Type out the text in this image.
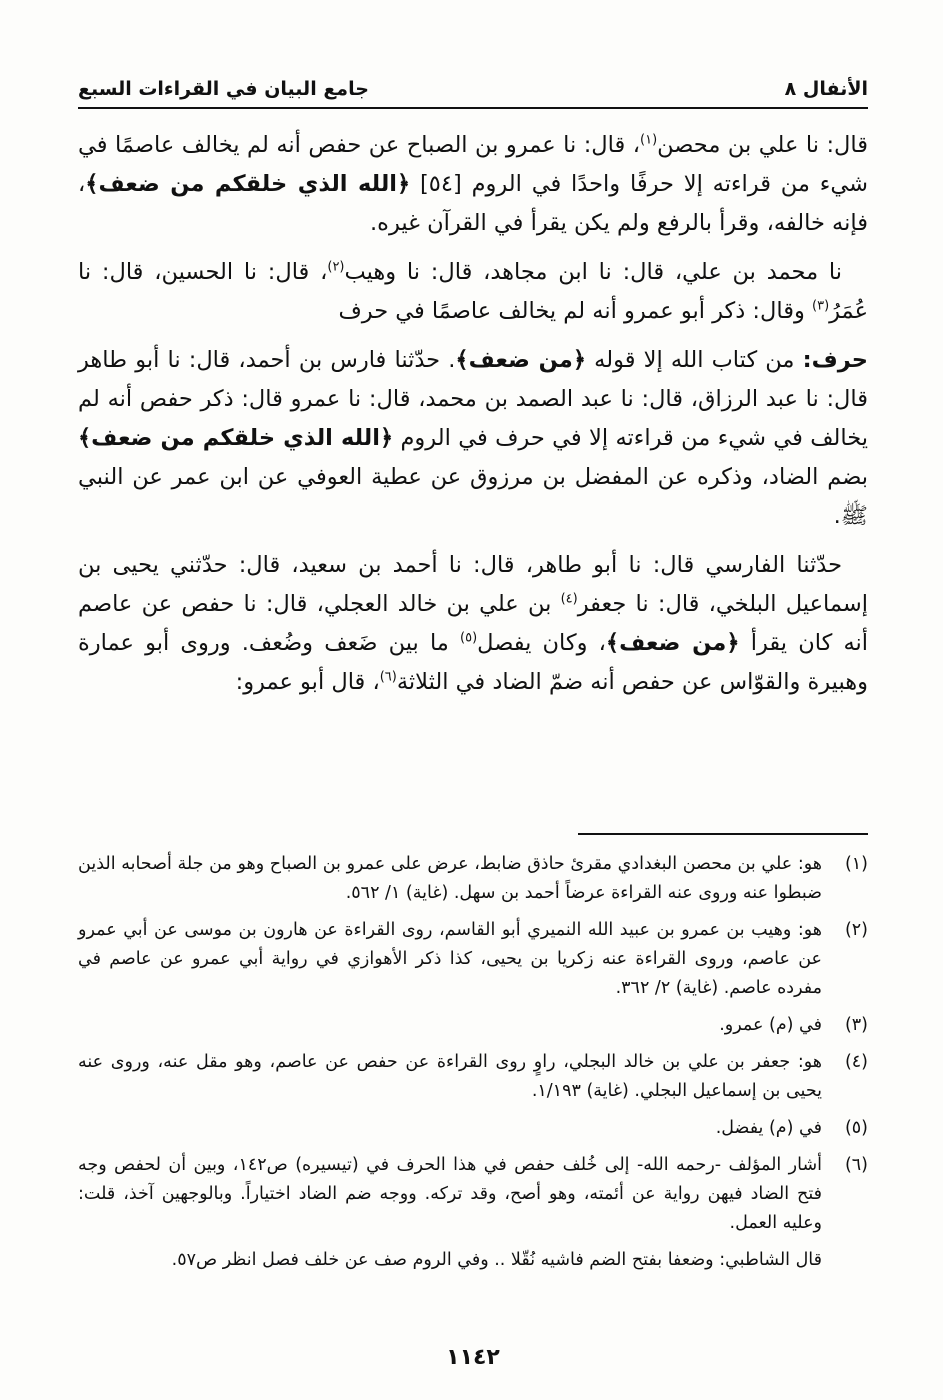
الأنفال ٨
جامع البيان في القراءات السبع

قال: نا علي بن محصن$^{(١)}$، قال: نا عمرو بن الصباح عن حفص أنه لم يخالف عاصمًا في شيء من قراءته إلا حرفًا واحدًا في الروم [٥٤] ﴿الله الذي خلقكم من ضعف﴾، فإنه خالفه، وقرأ بالرفع ولم يكن يقرأ في القرآن غيره.

نا محمد بن علي، قال: نا ابن مجاهد، قال: نا وهيب$^{(٢)}$، قال: نا الحسين، قال: نا عُمَرُ$^{(٣)}$ وقال: ذكر أبو عمرو أنه لم يخالف عاصمًا في حرف

حرف: من كتاب الله إلا قوله ﴿من ضعف﴾. حدّثنا فارس بن أحمد، قال: نا أبو طاهر قال: نا عبد الرزاق، قال: نا عبد الصمد بن محمد، قال: نا عمرو قال: ذكر حفص أنه لم يخالف في شيء من قراءته إلا في حرف في الروم ﴿الله الذي خلقكم من ضعف﴾ بضم الضاد، وذكره عن المفضل بن مرزوق عن عطية العوفي عن ابن عمر عن النبي ﷺ.

حدّثنا الفارسي قال: نا أبو طاهر، قال: نا أحمد بن سعيد، قال: حدّثني يحيى بن إسماعيل البلخي، قال: نا جعفر$^{(٤)}$ بن علي بن خالد العجلي، قال: نا حفص عن عاصم أنه كان يقرأ ﴿من ضعف﴾، وكان يفصل$^{(٥)}$ ما بين ضَعف وضُعف. وروى أبو عمارة وهبيرة والقوّاس عن حفص أنه ضمّ الضاد في الثلاثة$^{(٦)}$، قال أبو عمرو:

(١)
هو: علي بن محصن البغدادي مقرئ حاذق ضابط، عرض على عمرو بن الصباح وهو من جلة أصحابه الذين ضبطوا عنه وروى عنه القراءة عرضاً أحمد بن سهل. (غاية) ١/ ٥٦٢.
(٢)
هو: وهيب بن عمرو بن عبيد الله النميري أبو القاسم، روى القراءة عن هارون بن موسى عن أبي عمرو عن عاصم، وروى القراءة عنه زكريا بن يحيى، كذا ذكر الأهوازي في رواية أبي عمرو عن عاصم في مفرده عاصم. (غاية) ٢/ ٣٦٢.
(٣)
في (م) عمرو.
(٤)
هو: جعفر بن علي بن خالد البجلي، راوٍ روى القراءة عن حفص عن عاصم، وهو مقل عنه، وروى عنه يحيى بن إسماعيل البجلي. (غاية) ١/١٩٣.
(٥)
في (م) يفضل.
(٦)
أشار المؤلف -رحمه الله- إلى خُلف حفص في هذا الحرف في (تيسيره) ص١٤٢، وبين أن لحفص وجه فتح الضاد فيهن رواية عن أئمته، وهو أصح، وقد تركه. ووجه ضم الضاد اختياراً. وبالوجهين آخذ، قلت: وعليه العمل.
قال الشاطبي: وضعفا بفتح الضم فاشيه نُقّلا .. وفي الروم صف عن خلف فصل انظر ص٥٧.
١١٤٢
